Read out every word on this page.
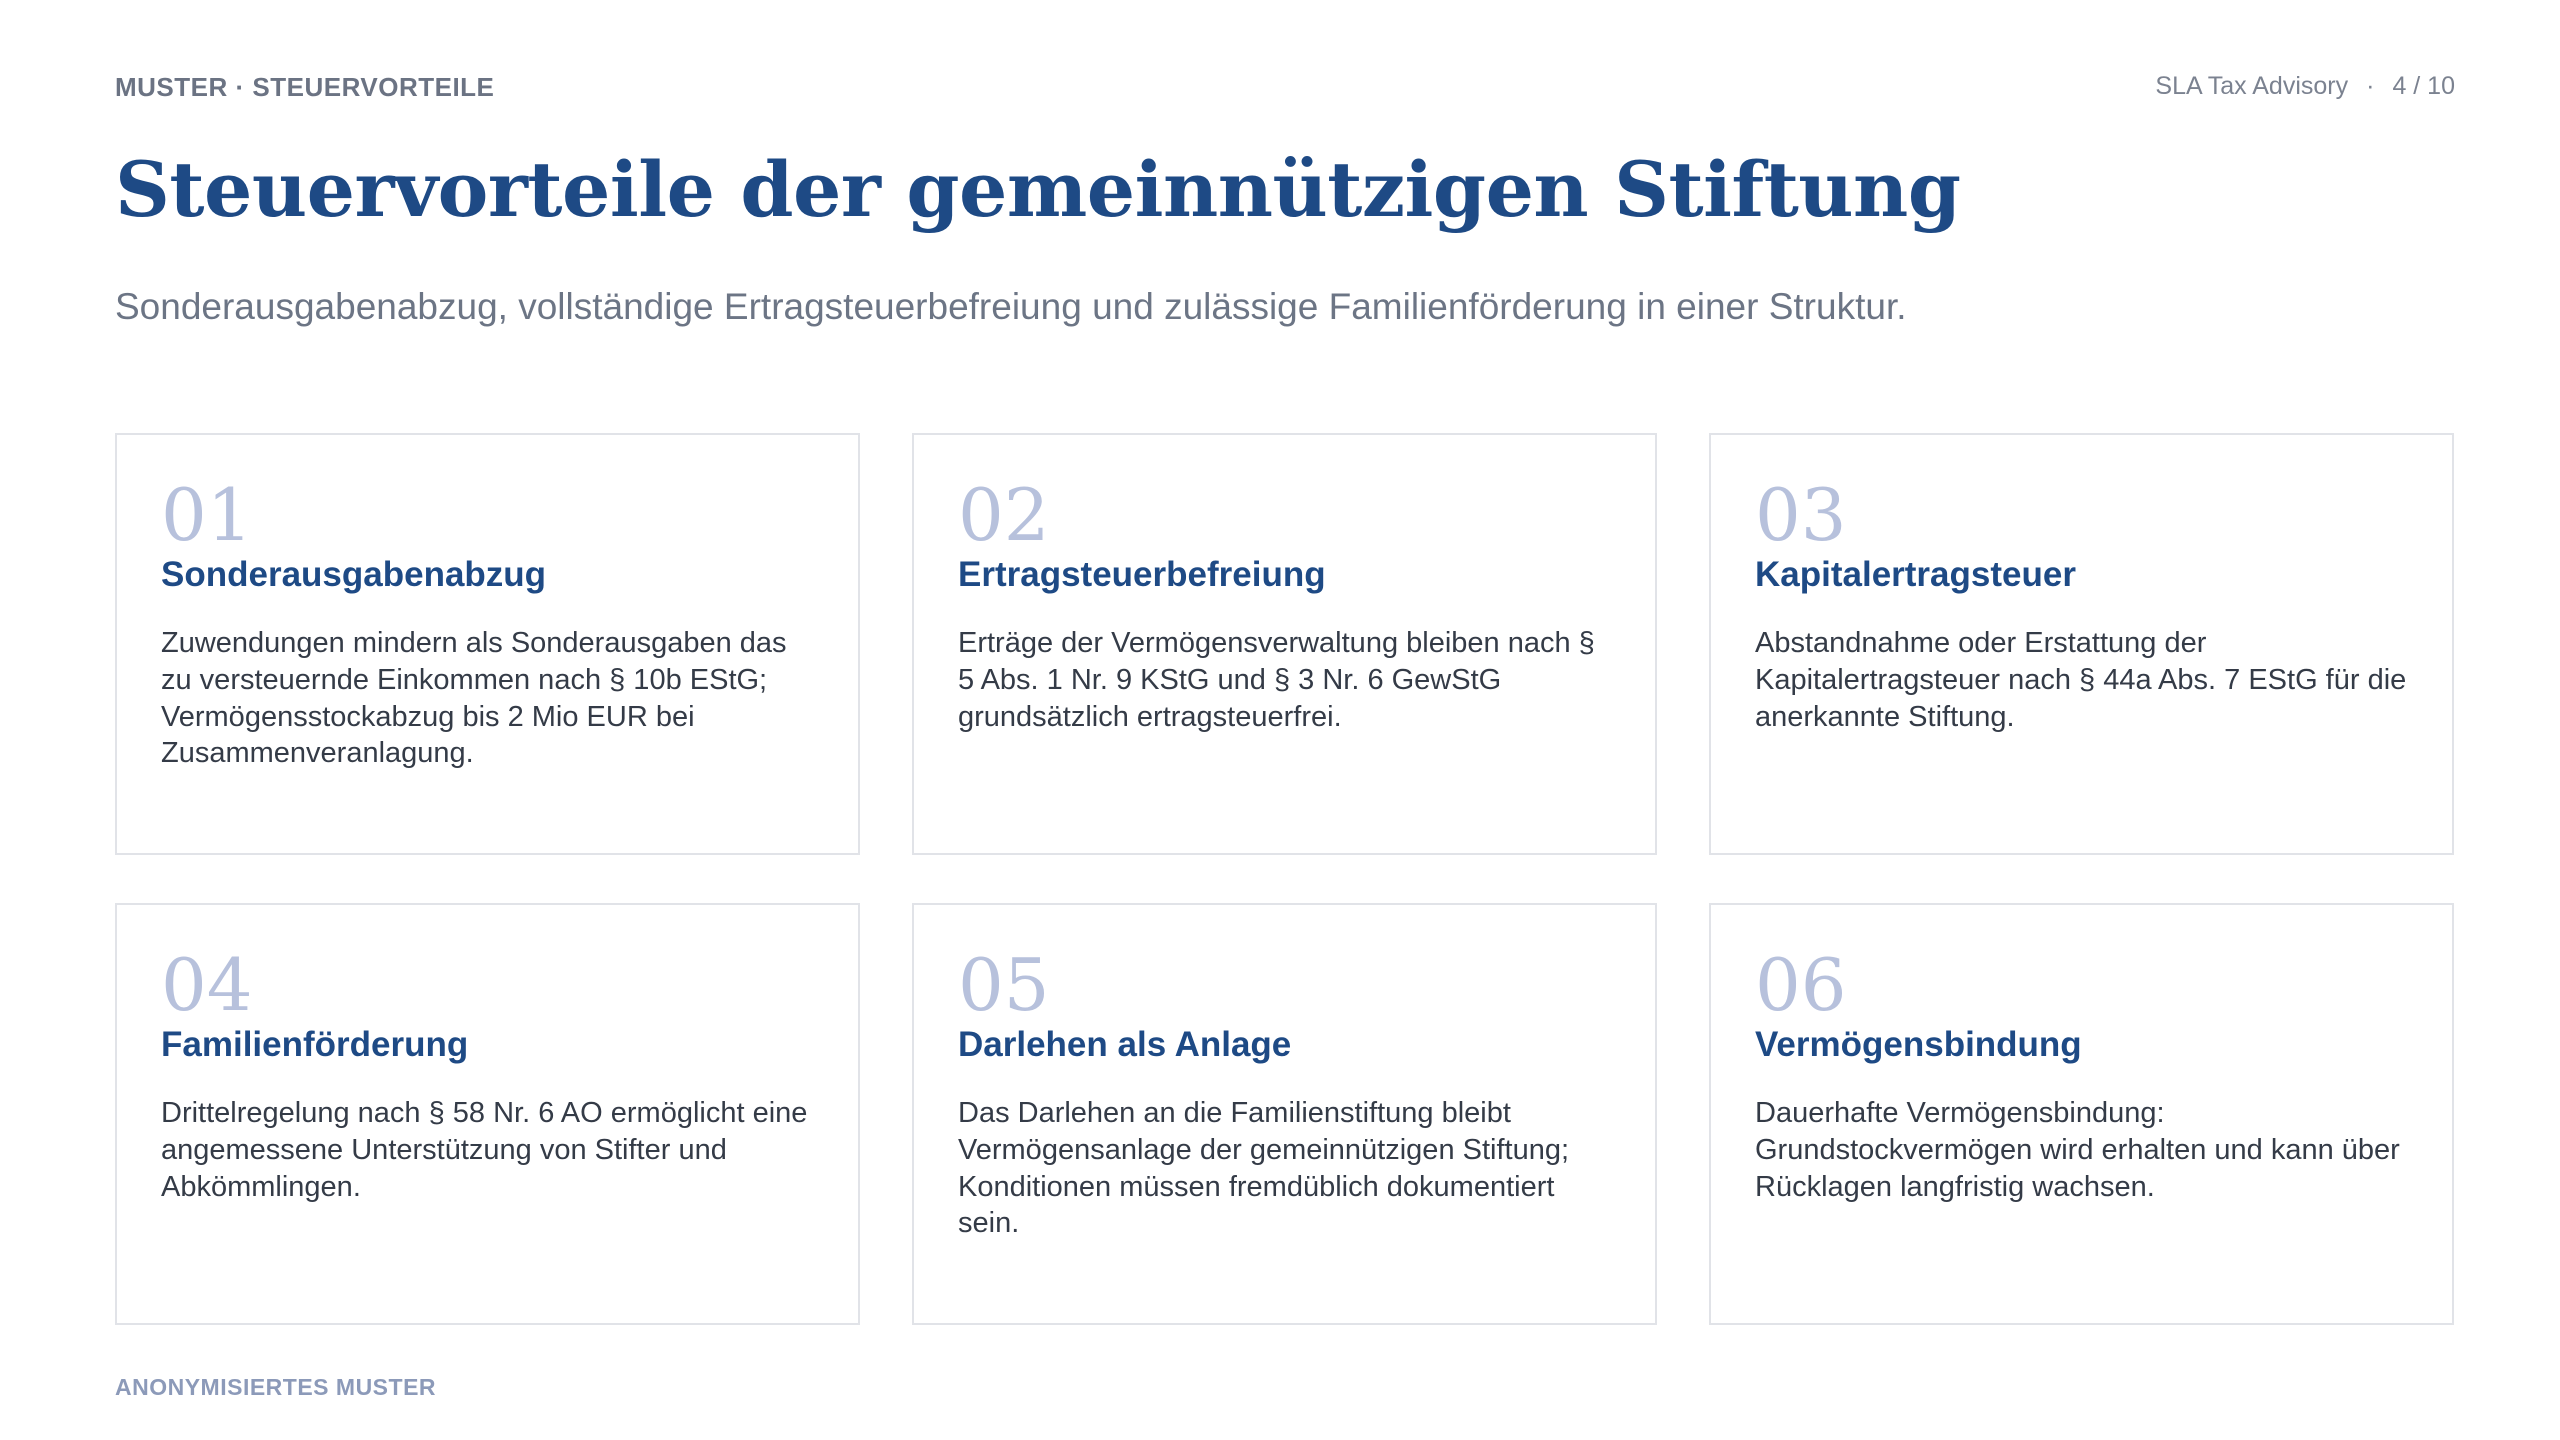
MUSTER · STEUERVORTEILE	SLA Tax Advisory · 4 / 10
Steuervorteile der gemeinnützigen Stiftung
Sonderausgabenabzug, vollständige Ertragsteuerbefreiung und zulässige Familienförderung in einer Struktur.
01
Sonderausgabenabzug
Zuwendungen mindern als Sonderausgaben das zu versteuernde Einkommen nach § 10b EStG; Vermögensstockabzug bis 2 Mio EUR bei Zusammenveranlagung.
02
Ertragsteuerbefreiung
Erträge der Vermögensverwaltung bleiben nach § 5 Abs. 1 Nr. 9 KStG und § 3 Nr. 6 GewStG grundsätzlich ertragsteuerfrei.
03
Kapitalertragsteuer
Abstandnahme oder Erstattung der Kapitalertragsteuer nach § 44a Abs. 7 EStG für die anerkannte Stiftung.
04
Familienförderung
Drittelregelung nach § 58 Nr. 6 AO ermöglicht eine angemessene Unterstützung von Stifter und Abkömmlingen.
05
Darlehen als Anlage
Das Darlehen an die Familienstiftung bleibt Vermögensanlage der gemeinnützigen Stiftung; Konditionen müssen fremdüblich dokumentiert sein.
06
Vermögensbindung
Dauerhafte Vermögensbindung: Grundstockvermögen wird erhalten und kann über Rücklagen langfristig wachsen.
ANONYMISIERTES MUSTER
